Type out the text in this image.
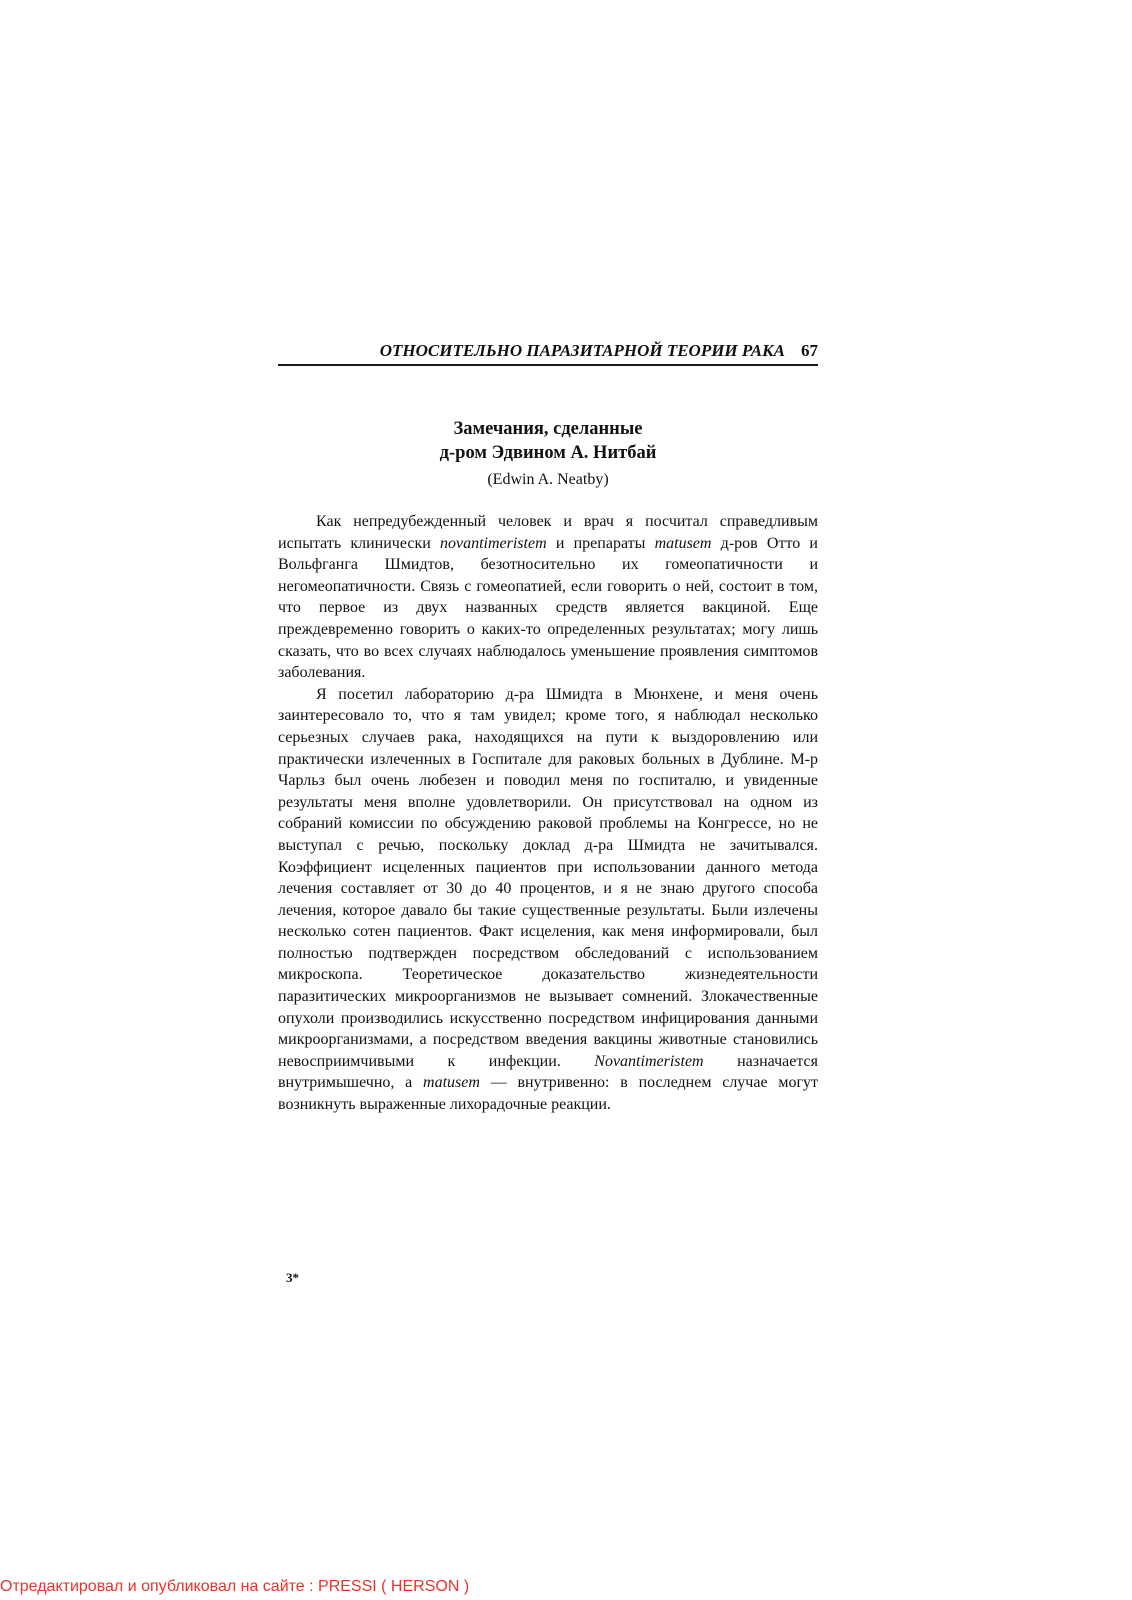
ОТНОСИТЕЛЬНО ПАРАЗИТАРНОЙ ТЕОРИИ РАКА 67
Замечания, сделанные
д-ром Эдвином А. Нитбай
(Edwin A. Neatby)

Как непредубежденный человек и врач я посчитал справедливым испытать клинически novantimeristem и препараты matusem д-ров Отто и Вольфганга Шмидтов, безотносительно их гомеопатичности и негомеопатичности. Связь с гомеопатией, если говорить о ней, состоит в том, что первое из двух названных средств является вакциной. Еще преждевременно говорить о каких-то определенных результатах; могу лишь сказать, что во всех случаях наблюдалось уменьшение проявления симптомов заболевания.

Я посетил лабораторию д-ра Шмидта в Мюнхене, и меня очень заинтересовало то, что я там увидел; кроме того, я наблюдал несколько серьезных случаев рака, находящихся на пути к выздоровлению или практически излеченных в Госпитале для раковых больных в Дублине. М-р Чарльз был очень любезен и поводил меня по госпиталю, и увиденные результаты меня вполне удовлетворили. Он присутствовал на одном из собраний комиссии по обсуждению раковой проблемы на Конгрессе, но не выступал с речью, поскольку доклад д-ра Шмидта не зачитывался. Коэффициент исцеленных пациентов при использовании данного метода лечения составляет от 30 до 40 процентов, и я не знаю другого способа лечения, которое давало бы такие существенные результаты. Были излечены несколько сотен пациентов. Факт исцеления, как меня информировали, был полностью подтвержден посредством обследований с использованием микроскопа. Теоретическое доказательство жизнедеятельности паразитических микроорганизмов не вызывает сомнений. Злокачественные опухоли производились искусственно посредством инфицирования данными микроорганизмами, а посредством введения вакцины животные становились невосприимчивыми к инфекции. Novantimeristem назначается внутримышечно, а matusem — внутривенно: в последнем случае могут возникнуть выраженные лихорадочные реакции.

3*
Отредактировал и опубликовал на сайте : PRESSI ( HERSON )
